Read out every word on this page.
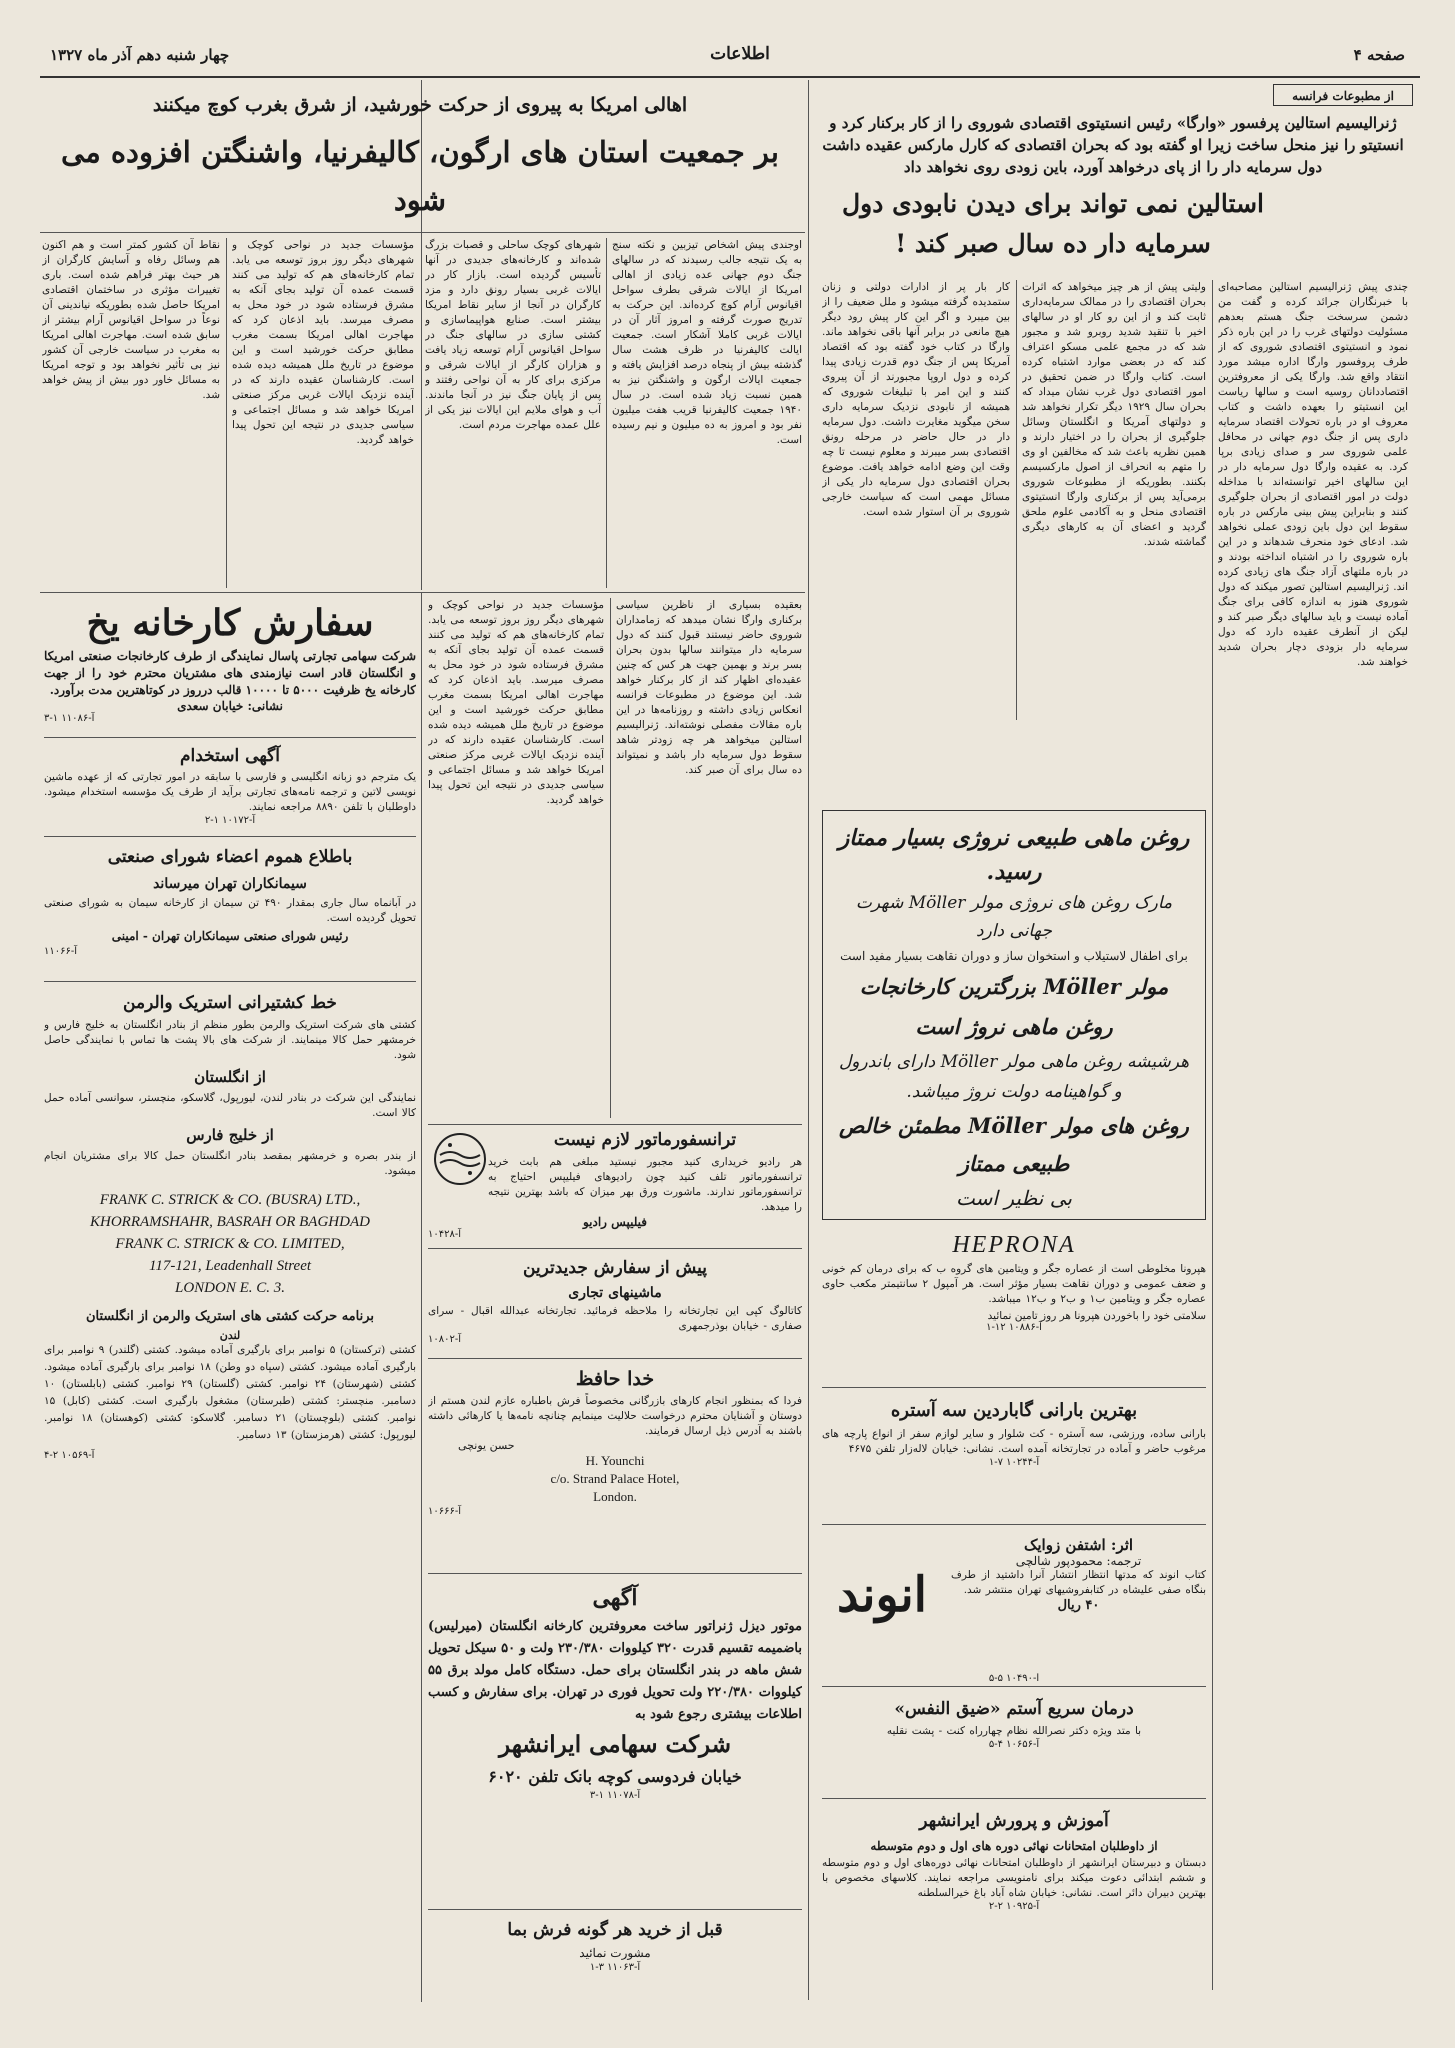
صفحه ۴
اطلاعات
چهار شنبه دهم آذر ماه ۱۳۲۷
از مطبوعات فرانسه
ژنرالیسیم استالین پرفسور «وارگا» رئیس انستیتوی اقتصادی شوروی را از کار برکنار کرد و انستیتو را نیز منحل ساخت زیرا او گفته بود که بحران اقتصادی که کارل مارکس عقیده داشت دول سرمایه دار را از پای درخواهد آورد، باین زودی روی نخواهد داد
استالین نمی تواند برای دیدن نابودی دول سرمایه دار ده سال صبر کند !
چندی پیش ژنرالیسیم استالین مصاحبه‌ای با خبرنگاران جرائد کرده و گفت من دشمن سرسخت جنگ هستم بعدهم مسئولیت دولتهای غرب را در این باره ذکر نمود و انستیتوی اقتصادی شوروی که از طرف پروفسور وارگا اداره میشد مورد انتقاد واقع شد. وارگا یکی از معروفترین اقتصاددانان روسیه است و سالها ریاست این انستیتو را بعهده داشت و کتاب معروف او در باره تحولات اقتصاد سرمایه داری پس از جنگ دوم جهانی در محافل علمی شوروی سر و صدای زیادی برپا کرد. به عقیده وارگا دول سرمایه دار در این سالهای اخیر توانسته‌اند با مداخله دولت در امور اقتصادی از بحران جلوگیری کنند و بنابراین پیش بینی مارکس در باره سقوط این دول باین زودی عملی نخواهد شد. ادعای خود منحرف شدهاند و در این باره شوروی را در اشتباه انداخته بودند و در باره ملتهای آزاد جنگ های زیادی کرده اند. ژنرالیسیم استالین تصور میکند که دول شوروی هنوز به اندازه کافی برای جنگ آماده نیست و باید سالهای دیگر صبر کند و لیکن از آنطرف عقیده دارد که دول سرمایه دار بزودی دچار بحران شدید خواهند شد.
ولیتی پیش از هر چیز میخواهد که اثرات بحران اقتصادی را در ممالک سرمایه‌داری ثابت کند و از این رو کار او در سالهای اخیر با تنقید شدید روبرو شد و مجبور شد که در مجمع علمی مسکو اعتراف کند که در بعضی موارد اشتباه کرده است. کتاب وارگا در ضمن تحقیق در امور اقتصادی دول غرب نشان میداد که بحران سال ۱۹۲۹ دیگر تکرار نخواهد شد و دولتهای آمریکا و انگلستان وسائل جلوگیری از بحران را در اختیار دارند و همین نظریه باعث شد که مخالفین او وی را متهم به انحراف از اصول مارکسیسم بکنند. بطوریکه از مطبوعات شوروی برمی‌آید پس از برکناری وارگا انستیتوی اقتصادی منحل و به آکادمی علوم ملحق گردید و اعضای آن به کارهای دیگری گماشته شدند.
کار بار پر از ادارات دولتی و زنان ستمدیده گرفته میشود و ملل ضعیف را از بین میبرد و اگر این کار پیش رود دیگر هیچ مانعی در برابر آنها باقی نخواهد ماند. وارگا در کتاب خود گفته بود که اقتصاد آمریکا پس از جنگ دوم قدرت زیادی پیدا کرده و دول اروپا مجبورند از آن پیروی کنند و این امر با تبلیغات شوروی که همیشه از نابودی نزدیک سرمایه داری سخن میگوید مغایرت داشت. دول سرمایه دار در حال حاضر در مرحله رونق اقتصادی بسر میبرند و معلوم نیست تا چه وقت این وضع ادامه خواهد یافت. موضوع بحران اقتصادی دول سرمایه دار یکی از مسائل مهمی است که سیاست خارجی شوروی بر آن استوار شده است.
روغن ماهی طبیعی نروژی بسیار ممتاز رسید.
مارک روغن های نروژی مولر Möller شهرت جهانی دارد
برای اطفال لاستیلاب و استخوان ساز و دوران نقاهت بسیار مفید است
مولر Möller بزرگترین کارخانجات روغن ماهی نروژ است
هرشیشه روغن ماهی مولر Möller دارای باندرول و گواهینامه دولت نروژ میباشد.
روغن های مولر Möller مطمئن خالص طبیعی ممتاز
بی نظیر است
HEPRONA
هپرونا مخلوطی است از عصاره جگر و ویتامین های گروه ب که برای درمان کم خونی و ضعف عمومی و دوران نقاهت بسیار مؤثر است. هر آمپول ۲ سانتیمتر مکعب حاوی عصاره جگر و ویتامین ب۱ و ب۲ و ب۱۲ میباشد.
سلامتی خود را باخوردن هپرونا هر روز تامین نمائید
آ-۱۰۸۸۶ ۱۲-۱
بهترین بارانی گاباردین سه آستره
بارانی ساده، ورزشی، سه آستره - کت شلوار و سایر لوازم سفر از انواع پارچه های مرغوب حاضر و آماده در تجارتخانه آمده است. نشانی: خیابان لاله‌زار تلفن ۴۶۷۵
آ-۱۰۲۴۴ ۷-۱
انوند
اثر: اشتفن زوایک
ترجمه: محمودپور شالچی
کتاب انوند که مدتها انتظار انتشار آنرا داشتید از طرف بنگاه صفی علیشاه در کتابفروشیهای تهران منتشر شد.
۴۰ ریال
آ-۱۰۴۹۰ ۵-۵
درمان سریع آستم «ضیق النفس»
با متد ویژه دکتر نصرالله نظام چهارراه کنت - پشت نقلیه
آ-۱۰۶۵۶ ۴-۵
آموزش و پرورش ایرانشهر
از داوطلبان امتحانات نهائی دوره های اول و دوم متوسطه
دبستان و دبیرستان ایرانشهر از داوطلبان امتحانات نهائی دوره‌های اول و دوم متوسطه و ششم ابتدائی دعوت میکند برای نامنویسی مراجعه نمایند. کلاسهای مخصوص با بهترین دبیران دائر است. نشانی: خیابان شاه آباد باغ خیرالسلطنه
آ-۱۰۹۲۵ ۲-۲
اهالی امریکا به پیروی از حرکت خورشید، از شرق بغرب کوچ میکنند
بر جمعیت استان های ارگون، کالیفرنیا، واشنگتن افزوده می شود
اوجندی پیش اشخاص تیزبین و نکته سنج به یک نتیجه جالب رسیدند که در سالهای جنگ دوم جهانی عده زیادی از اهالی امریکا از ایالات شرقی بطرف سواحل اقیانوس آرام کوچ کرده‌اند. این حرکت به تدریج صورت گرفته و امروز آثار آن در ایالات غربی کاملا آشکار است. جمعیت ایالت کالیفرنیا در ظرف هشت سال گذشته بیش از پنجاه درصد افزایش یافته و جمعیت ایالات ارگون و واشنگتن نیز به همین نسبت زیاد شده است. در سال ۱۹۴۰ جمعیت کالیفرنیا قریب هفت میلیون نفر بود و امروز به ده میلیون و نیم رسیده است.
شهرهای کوچک ساحلی و قصبات بزرگ شده‌اند و کارخانه‌های جدیدی در آنها تأسیس گردیده است. بازار کار در ایالات غربی بسیار رونق دارد و مزد کارگران در آنجا از سایر نقاط امریکا بیشتر است. صنایع هواپیماسازی و کشتی سازی در سالهای جنگ در سواحل اقیانوس آرام توسعه زیاد یافت و هزاران کارگر از ایالات شرقی و مرکزی برای کار به آن نواحی رفتند و پس از پایان جنگ نیز در آنجا ماندند. آب و هوای ملایم این ایالات نیز یکی از علل عمده مهاجرت مردم است.
مؤسسات جدید در نواحی کوچک و شهرهای دیگر روز بروز توسعه می یابد. تمام کارخانه‌های هم که تولید می کنند قسمت عمده آن تولید بجای آنکه به مشرق فرستاده شود در خود محل به مصرف میرسد. باید اذعان کرد که مهاجرت اهالی امریکا بسمت مغرب مطابق حرکت خورشید است و این موضوع در تاریخ ملل همیشه دیده شده است. کارشناسان عقیده دارند که در آینده نزدیک ایالات غربی مرکز صنعتی امریکا خواهد شد و مسائل اجتماعی و سیاسی جدیدی در نتیجه این تحول پیدا خواهد گردید.
نقاط آن کشور کمتر است و هم اکنون هم وسائل رفاه و آسایش کارگران از هر حیث بهتر فراهم شده است. باری تغییرات مؤثری در ساختمان اقتصادی امریکا حاصل شده بطوریکه نیاندینی آن نوعاً در سواحل اقیانوس آرام بیشتر از سابق شده است. مهاجرت اهالی امریکا به مغرب در سیاست خارجی آن کشور نیز بی تأثیر نخواهد بود و توجه امریکا به مسائل خاور دور بیش از پیش خواهد شد.
بعقیده بسیاری از ناظرین سیاسی برکناری وارگا نشان میدهد که زمامداران شوروی حاضر نیستند قبول کنند که دول سرمایه دار میتوانند سالها بدون بحران بسر برند و بهمین جهت هر کس که چنین عقیده‌ای اظهار کند از کار برکنار خواهد شد. این موضوع در مطبوعات فرانسه انعکاس زیادی داشته و روزنامه‌ها در این باره مقالات مفصلی نوشته‌اند. ژنرالیسیم استالین میخواهد هر چه زودتر شاهد سقوط دول سرمایه دار باشد و نمیتواند ده سال برای آن صبر کند.
مؤسسات جدید در نواحی کوچک و شهرهای دیگر روز بروز توسعه می یابد. تمام کارخانه‌های هم که تولید می کنند قسمت عمده آن تولید بجای آنکه به مشرق فرستاده شود در خود محل به مصرف میرسد. باید اذعان کرد که مهاجرت اهالی امریکا بسمت مغرب مطابق حرکت خورشید است و این موضوع در تاریخ ملل همیشه دیده شده است. کارشناسان عقیده دارند که در آینده نزدیک ایالات غربی مرکز صنعتی امریکا خواهد شد و مسائل اجتماعی و سیاسی جدیدی در نتیجه این تحول پیدا خواهد گردید.
سفارش کارخانه یخ
شرکت سهامی تجارتی پاسال نمایندگی از طرف کارخانجات صنعتی امریکا و انگلستان قادر است نیازمندی های مشتریان محترم خود را از جهت کارخانه یخ ظرفیت ۵۰۰۰ تا ۱۰۰۰۰ قالب درروز در کوتاهترین مدت برآورد.
نشانی: خیابان سعدی
آ-۱۱۰۸۶ ۱-۳
آگهی استخدام
یک مترجم دو زبانه انگلیسی و فارسی با سابقه در امور تجارتی که از عهده ماشین نویسی لاتین و ترجمه نامه‌های تجارتی برآید از طرف یک مؤسسه استخدام میشود. داوطلبان با تلفن ۸۸۹۰ مراجعه نمایند.
آ-۱۰۱۷۲ ۱-۲
باطلاع هموم اعضاء شورای صنعتی
سیمانکاران تهران میرساند
در آبانماه سال جاری بمقدار ۴۹۰ تن سیمان از کارخانه سیمان به شورای صنعتی تحویل گردیده است.
رئیس شورای صنعتی سیمانکاران تهران - امینی
آ-۱۱۰۶۶
خط کشتیرانی استریک والرمن
کشتی های شرکت استریک والرمن بطور منظم از بنادر انگلستان به خلیج فارس و خرمشهر حمل کالا مینمایند. از شرکت های بالا پشت ها تماس با نمایندگی حاصل شود.
از انگلستان
نمایندگی این شرکت در بنادر لندن، لیورپول، گلاسکو، منچستر، سوانسی آماده حمل کالا است.
از خلیج فارس
از بندر بصره و خرمشهر بمقصد بنادر انگلستان حمل کالا برای مشتریان انجام میشود.
FRANK C. STRICK & CO. (BUSRA) LTD.,
KHORRAMSHAHR, BASRAH OR BAGHDAD
FRANK C. STRICK & CO. LIMITED,
117-121, Leadenhall Street
LONDON E. C. 3.
برنامه حرکت کشتی های استریک والرمن از انگلستان
لندن
کشتی (ترکستان) ۵ نوامبر برای بارگیری آماده میشود. کشتی (گلندر) ۹ نوامبر برای بارگیری آماده میشود. کشتی (سپاه دو وطن) ۱۸ نوامبر برای بارگیری آماده میشود. کشتی (شهرستان) ۲۴ نوامبر. کشتی (گلستان) ۲۹ نوامبر. کشتی (بابلستان) ۱۰ دسامبر. منچستر: کشتی (طبرستان) مشغول بارگیری است. کشتی (کابل) ۱۵ نوامبر. کشتی (بلوچستان) ۲۱ دسامبر. گلاسکو: کشتی (کوهستان) ۱۸ نوامبر. لیورپول: کشتی (هرمزستان) ۱۳ دسامبر.
آ-۱۰۵۶۹ ۲-۴
ترانسفورماتور لازم نیست
هر رادیو خریداری کنید مجبور نیستید مبلغی هم بابت خرید ترانسفورماتور تلف کنید چون رادیوهای فیلیپس احتیاج به ترانسفورماتور ندارند. ماشورت ورق بهر میزان که باشد بهترین نتیجه را میدهد.
فیلیپس رادیو
آ-۱۰۴۲۸
پیش از سفارش جدیدترین
ماشینهای تجاری
کاتالوگ کپی این تجارتخانه را ملاحظه فرمائید. تجارتخانه عبدالله اقبال - سرای صفاری - خیابان بوذرجمهری
آ-۱۰۸۰۲
خدا حافظ
فردا که بمنظور انجام کارهای بازرگانی مخصوصاً فرش باطباره عازم لندن هستم از دوستان و آشنایان محترم درخواست حلالیت مینمایم چنانچه نامه‌ها یا کارهائی داشته باشند به آدرس ذیل ارسال فرمایند.
حسن یونچی
H. Younchi
c/o. Strand Palace Hotel,
London.
آ-۱۰۶۶۶
آگهی
موتور دیزل ژنراتور ساخت معروفترین کارخانه انگلستان (میرلیس) باضمیمه تقسیم قدرت ۳۲۰ کیلووات ۲۳۰/۳۸۰ ولت و ۵۰ سیکل تحویل شش ماهه در بندر انگلستان برای حمل. دستگاه کامل مولد برق ۵۵ کیلووات ۲۲۰/۳۸۰ ولت تحویل فوری در تهران. برای سفارش و کسب اطلاعات بیشتری رجوع شود به
شرکت سهامی ایرانشهر
خیابان فردوسی کوچه بانک تلفن ۶۰۲۰
آ-۱۱۰۷۸ ۱-۳
قبل از خرید هر گونه فرش بما
مشورت نمائید
آ-۱۱۰۶۳ ۳-۱
